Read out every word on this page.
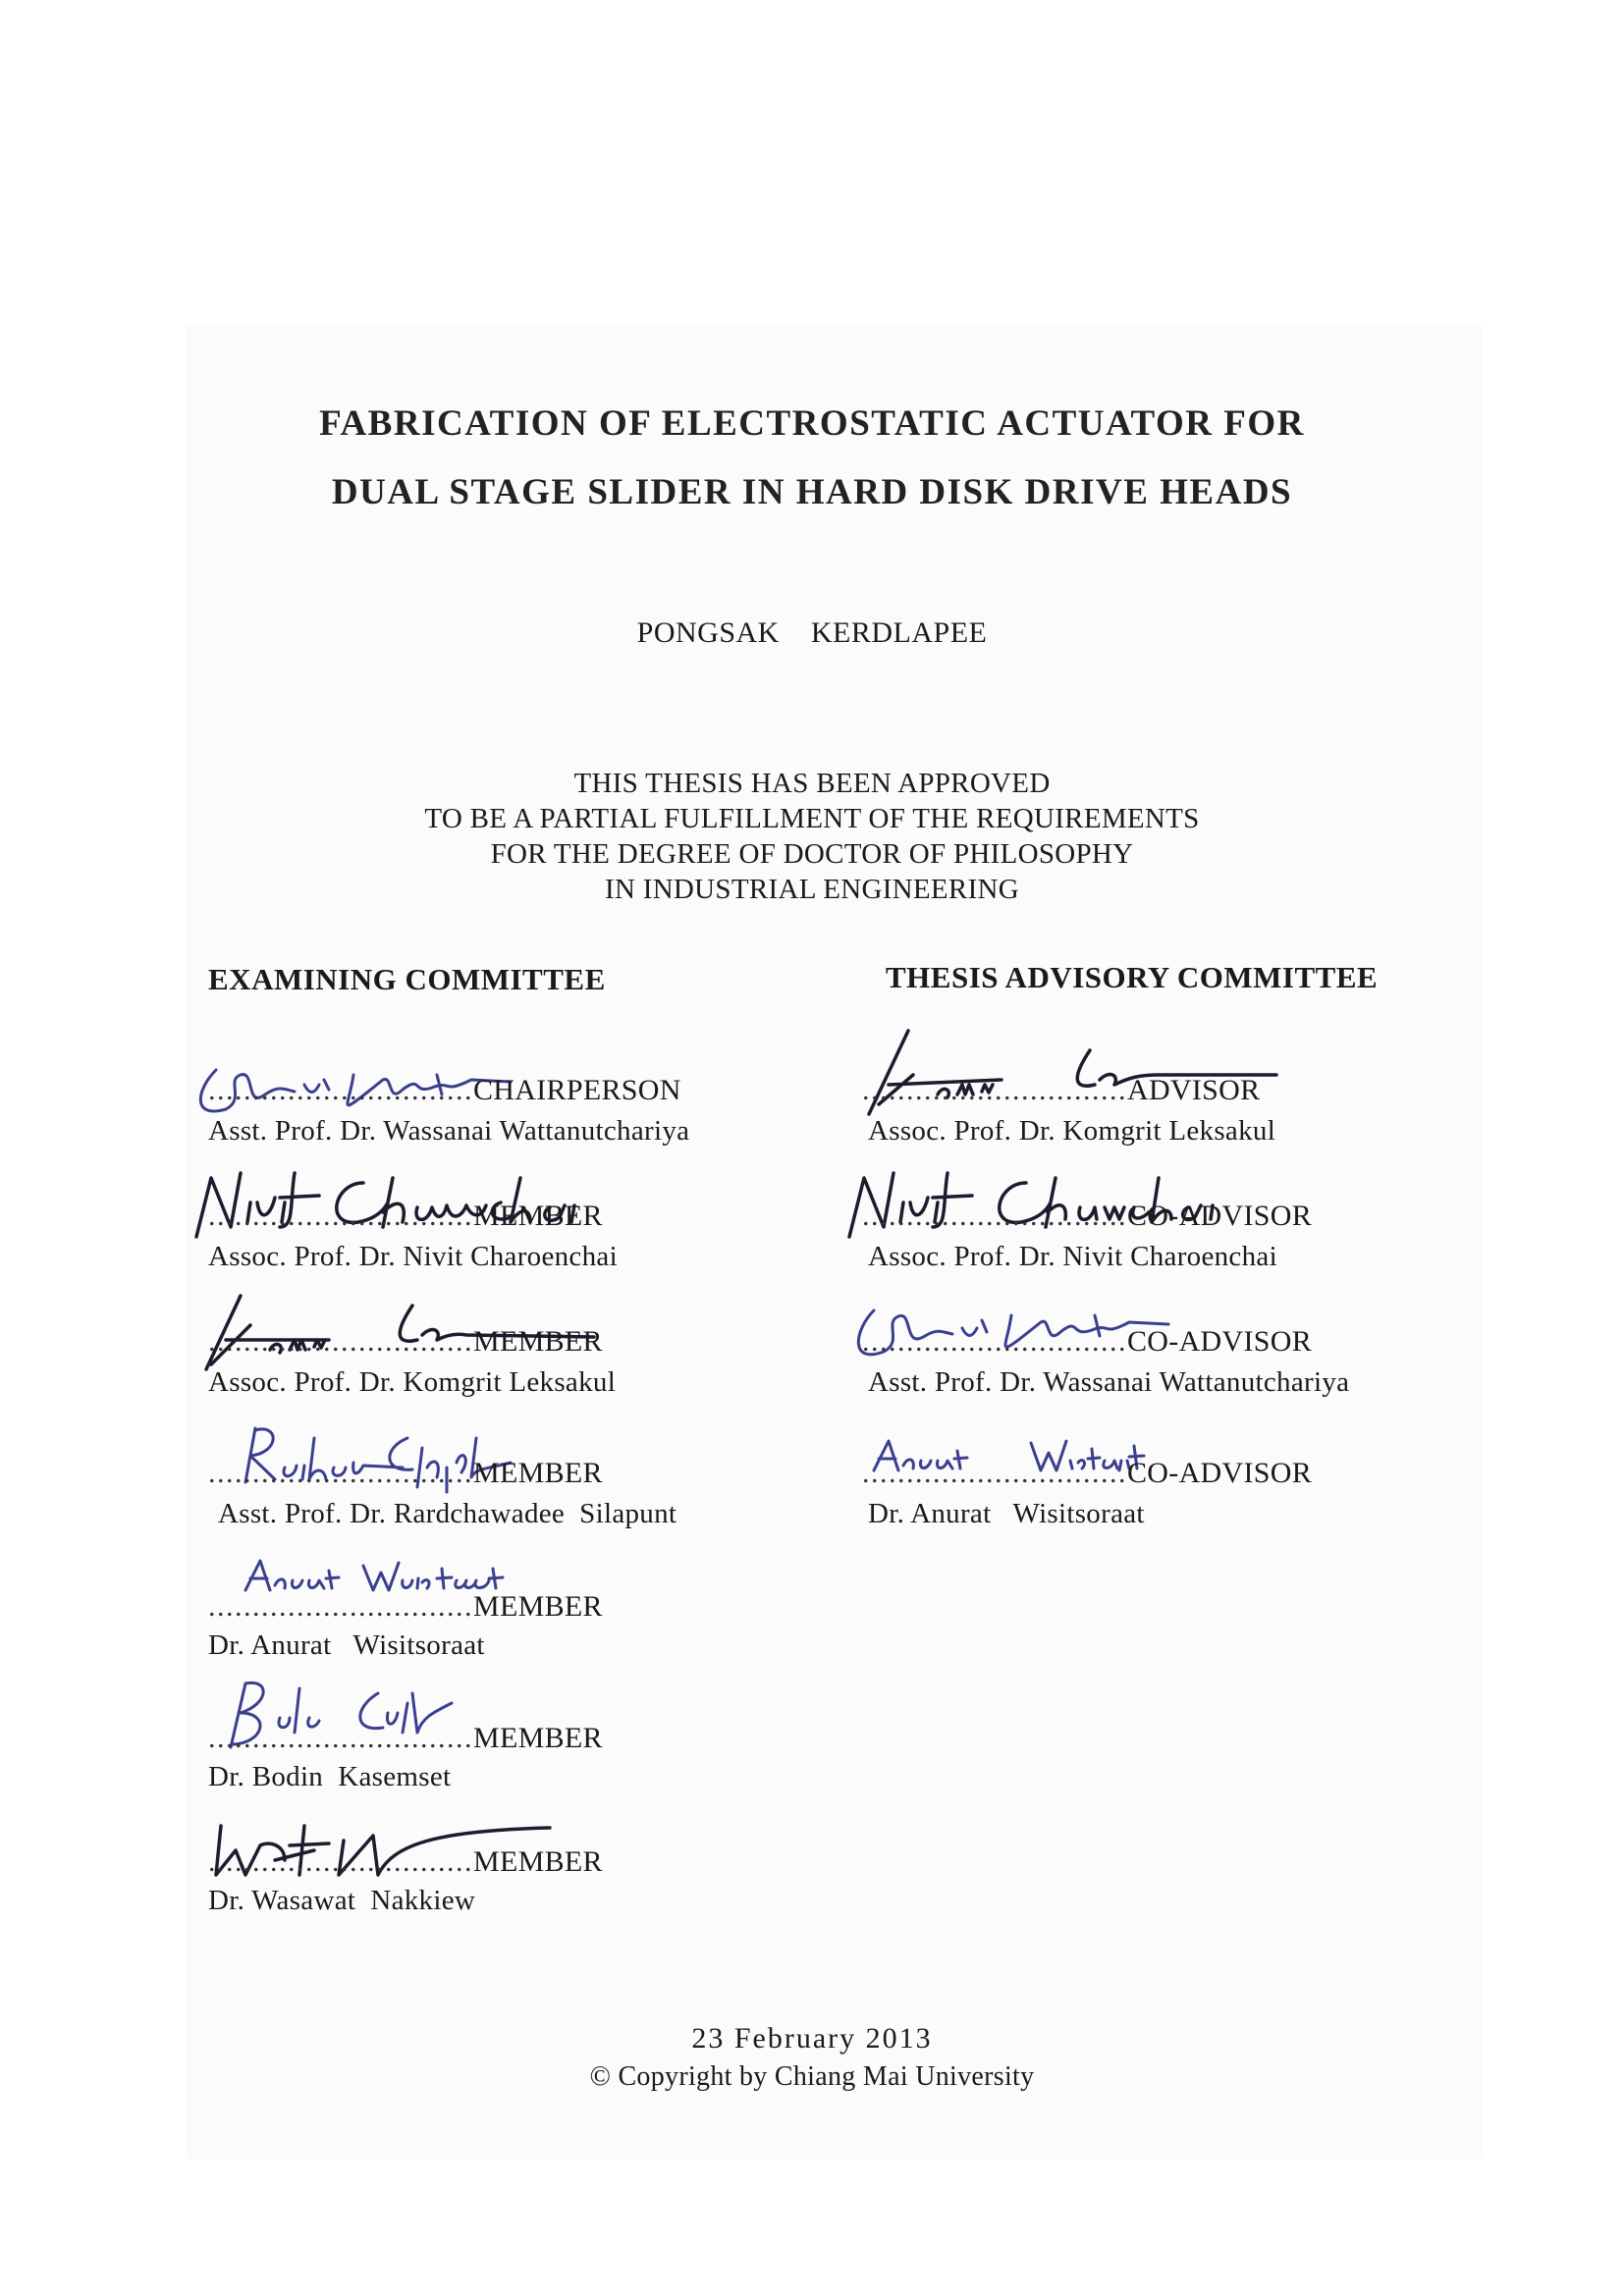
FABRICATION OF ELECTROSTATIC ACTUATOR FOR
DUAL STAGE SLIDER IN HARD DISK DRIVE HEADS
PONGSAK    KERDLAPEE
THIS THESIS HAS BEEN APPROVED
TO BE A PARTIAL FULFILLMENT OF THE REQUIREMENTS
FOR THE DEGREE OF DOCTOR OF PHILOSOPHY
IN INDUSTRIAL ENGINEERING
EXAMINING COMMITTEE	THESIS ADVISORY COMMITTEE
..............................CHAIRPERSON
Asst. Prof. Dr. Wassanai Wattanutchariya
..............................MEMBER
Assoc. Prof. Dr. Nivit Charoenchai
..............................MEMBER
Assoc. Prof. Dr. Komgrit Leksakul
..............................MEMBER
Asst. Prof. Dr. Rardchawadee  Silapunt
..............................MEMBER
Dr. Anurat   Wisitsoraat
..............................MEMBER
Dr. Bodin  Kasemset
..............................MEMBER
Dr. Wasawat  Nakkiew
..............................ADVISOR
Assoc. Prof. Dr. Komgrit Leksakul
..............................CO-ADVISOR
Assoc. Prof. Dr. Nivit Charoenchai
..............................CO-ADVISOR
Asst. Prof. Dr. Wassanai Wattanutchariya
..............................CO-ADVISOR
Dr. Anurat   Wisitsoraat
23 February 2013
© Copyright by Chiang Mai University
